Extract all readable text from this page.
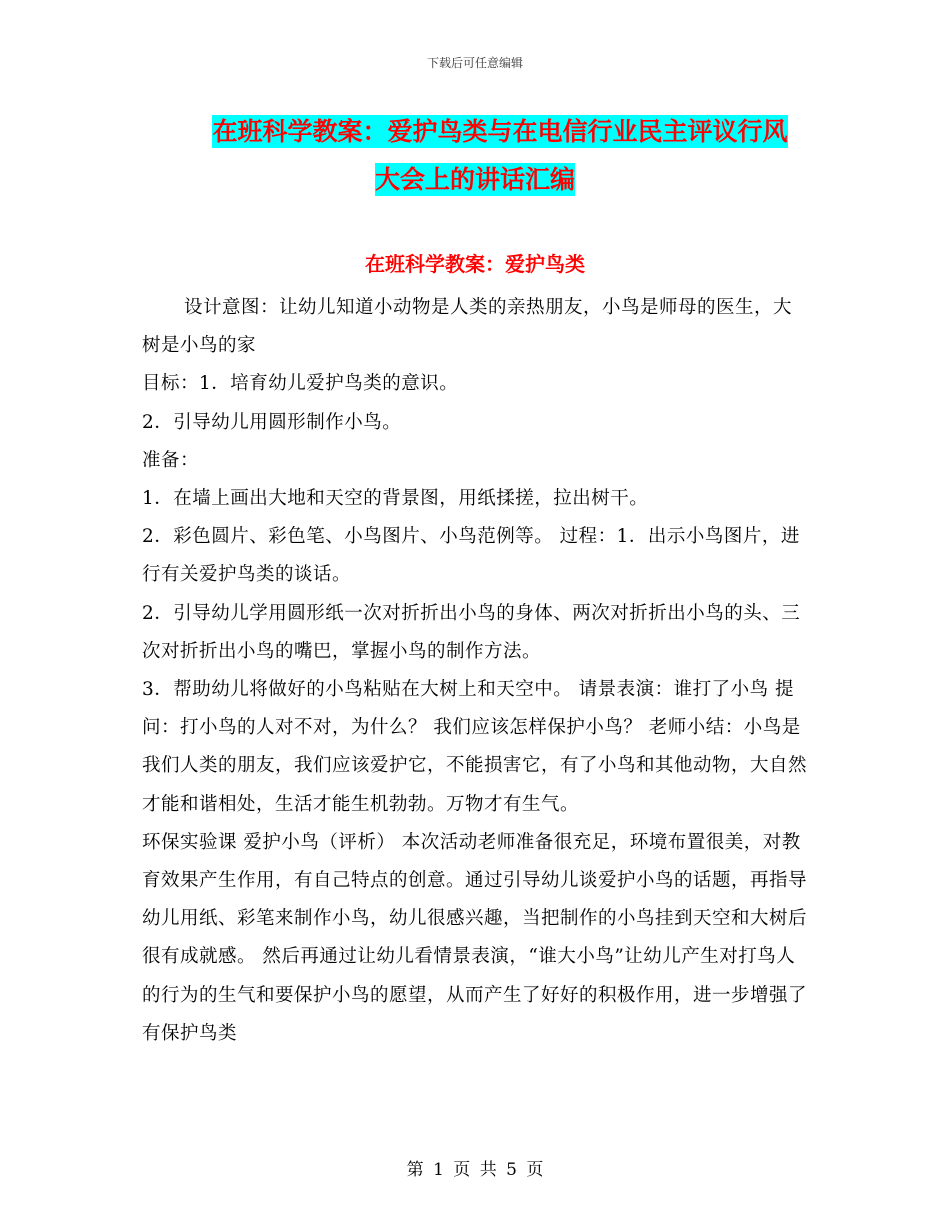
下载后可任意编辑
在班科学教案：爱护鸟类与在电信行业民主评议行风
大会上的讲话汇编
在班科学教案：爱护鸟类

设计意图：让幼儿知道小动物是人类的亲热朋友，小鸟是师母的医生，大树是小鸟的家

目标：1．培育幼儿爱护鸟类的意识。

2．引导幼儿用圆形制作小鸟。

准备：

1．在墙上画出大地和天空的背景图，用纸揉搓，拉出树干。

2．彩色圆片、彩色笔、小鸟图片、小鸟范例等。 过程：1．出示小鸟图片，进行有关爱护鸟类的谈话。

2．引导幼儿学用圆形纸一次对折折出小鸟的身体、两次对折折出小鸟的头、三次对折折出小鸟的嘴巴，掌握小鸟的制作方法。

3．帮助幼儿将做好的小鸟粘贴在大树上和天空中。 请景表演：谁打了小鸟 提问：打小鸟的人对不对，为什么？ 我们应该怎样保护小鸟？ 老师小结：小鸟是我们人类的朋友，我们应该爱护它，不能损害它，有了小鸟和其他动物，大自然才能和谐相处，生活才能生机勃勃。万物才有生气。

环保实验课 爱护小鸟（评析） 本次活动老师准备很充足，环境布置很美，对教育效果产生作用，有自己特点的创意。通过引导幼儿谈爱护小鸟的话题，再指导幼儿用纸、彩笔来制作小鸟，幼儿很感兴趣，当把制作的小鸟挂到天空和大树后很有成就感。 然后再通过让幼儿看情景表演，“谁大小鸟”让幼儿产生对打鸟人的行为的生气和要保护小鸟的愿望，从而产生了好好的积极作用，进一步增强了有保护鸟类

第 1 页 共 5 页
